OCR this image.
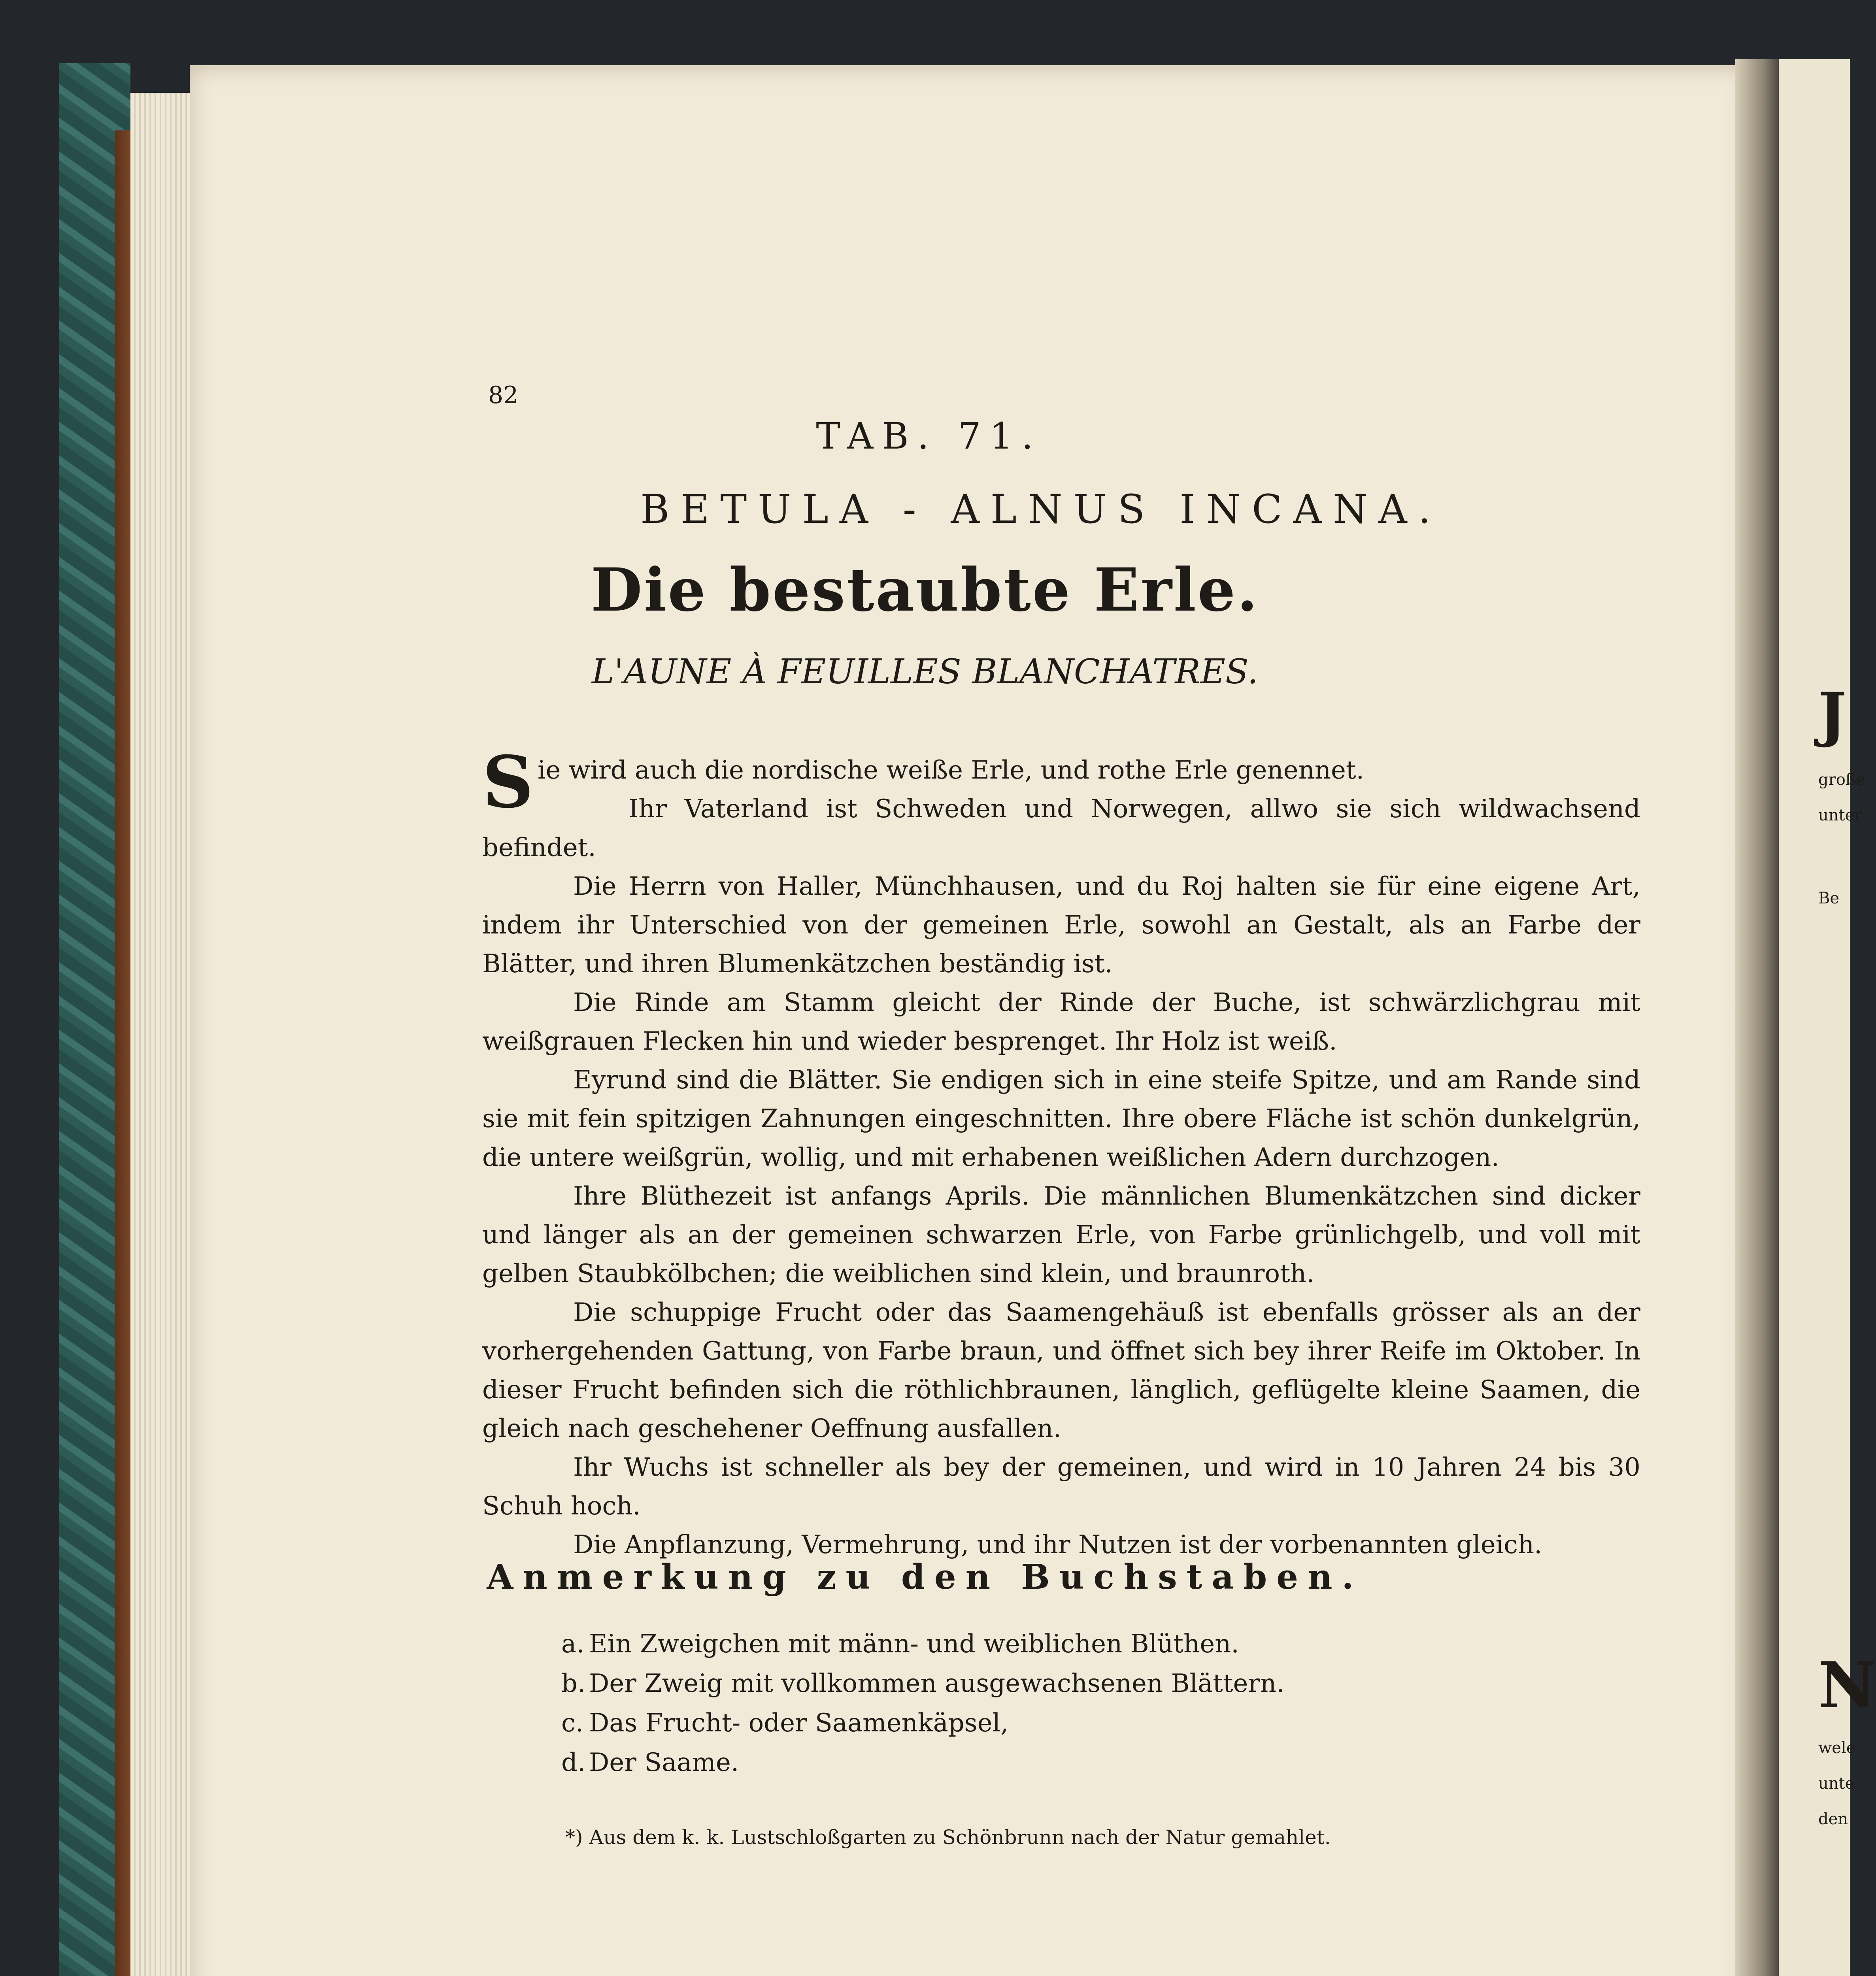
82
TAB. 71.
BETULA - ALNUS INCANA.
Die bestaubte Erle.
L'AUNE À FEUILLES BLANCHATRES.

Sie wird auch die nordische weiße Erle, und rothe Erle genennet.

Ihr Vaterland ist Schweden und Norwegen, allwo sie sich wildwachsend befindet.

Die Herrn von Haller, Münchhausen, und du Roj halten sie für eine eigene Art, indem ihr Unterschied von der gemeinen Erle, sowohl an Gestalt, als an Farbe der Blätter, und ihren Blumenkätzchen beständig ist.

Die Rinde am Stamm gleicht der Rinde der Buche, ist schwärzlichgrau mit weißgrauen Flecken hin und wieder besprenget. Ihr Holz ist weiß.

Eyrund sind die Blätter. Sie endigen sich in eine steife Spitze, und am Rande sind sie mit fein spitzigen Zahnungen eingeschnitten. Ihre obere Fläche ist schön dunkelgrün, die untere weißgrün, wollig, und mit erhabenen weißlichen Adern durchzogen.

Ihre Blüthezeit ist anfangs Aprils. Die männlichen Blumenkätzchen sind dicker und länger als an der gemeinen schwarzen Erle, von Farbe grünlichgelb, und voll mit gelben Staubkölbchen; die weiblichen sind klein, und braunroth.

Die schuppige Frucht oder das Saamengehäuß ist ebenfalls grösser als an der vorhergehenden Gattung, von Farbe braun, und öffnet sich bey ihrer Reife im Oktober. In dieser Frucht befinden sich die röthlichbraunen, länglich, geflügelte kleine Saamen, die gleich nach geschehener Oeffnung ausfallen.

Ihr Wuchs ist schneller als bey der gemeinen, und wird in 10 Jahren 24 bis 30 Schuh hoch.

Die Anpflanzung, Vermehrung, und ihr Nutzen ist der vorbenannten gleich.

Anmerkung zu den Buchstaben.
a. Ein Zweigchen mit männ- und weiblichen Blüthen.
b. Der Zweig mit vollkommen ausgewachsenen Blättern.
c. Das Frucht- oder Saamenkäpsel,
d. Der Saame.
*) Aus dem k. k. Lustschloßgarten zu Schönbrunn nach der Natur gemahlet.
J
große
unter
Be
N
wele
unte
den
